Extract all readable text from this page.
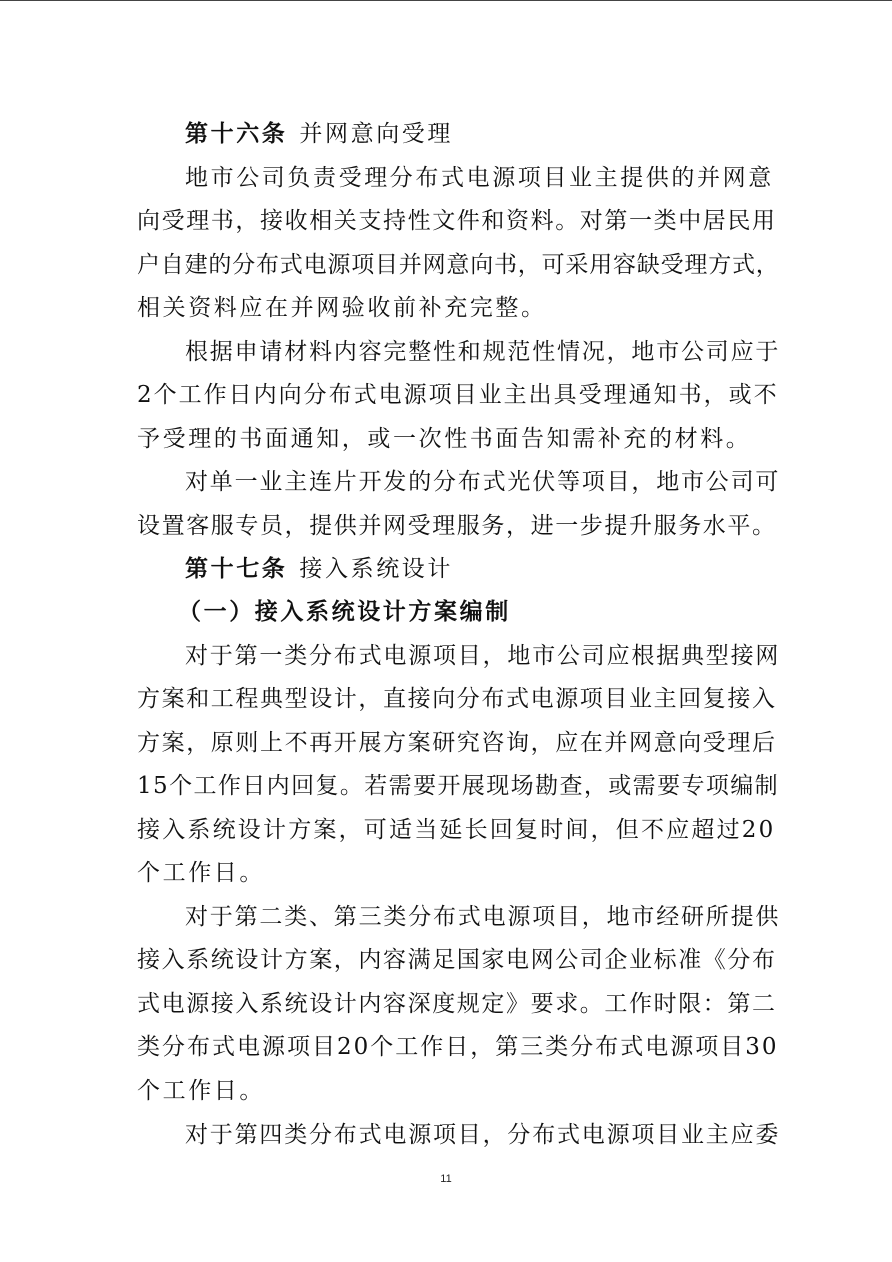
第十六条 并网意向受理
地市公司负责受理分布式电源项目业主提供的并网意
向受理书，接收相关支持性文件和资料。对第一类中居民用
户自建的分布式电源项目并网意向书，可采用容缺受理方式，
相关资料应在并网验收前补充完整。
根据申请材料内容完整性和规范性情况，地市公司应于
2个工作日内向分布式电源项目业主出具受理通知书，或不
予受理的书面通知，或一次性书面告知需补充的材料。
对单一业主连片开发的分布式光伏等项目，地市公司可
设置客服专员，提供并网受理服务，进一步提升服务水平。
第十七条 接入系统设计
（一）接入系统设计方案编制
对于第一类分布式电源项目，地市公司应根据典型接网
方案和工程典型设计，直接向分布式电源项目业主回复接入
方案，原则上不再开展方案研究咨询，应在并网意向受理后
15个工作日内回复。若需要开展现场勘查，或需要专项编制
接入系统设计方案，可适当延长回复时间，但不应超过20
个工作日。
对于第二类、第三类分布式电源项目，地市经研所提供
接入系统设计方案，内容满足国家电网公司企业标准《分布
式电源接入系统设计内容深度规定》要求。工作时限：第二
类分布式电源项目20个工作日，第三类分布式电源项目30
个工作日。
对于第四类分布式电源项目，分布式电源项目业主应委
11
